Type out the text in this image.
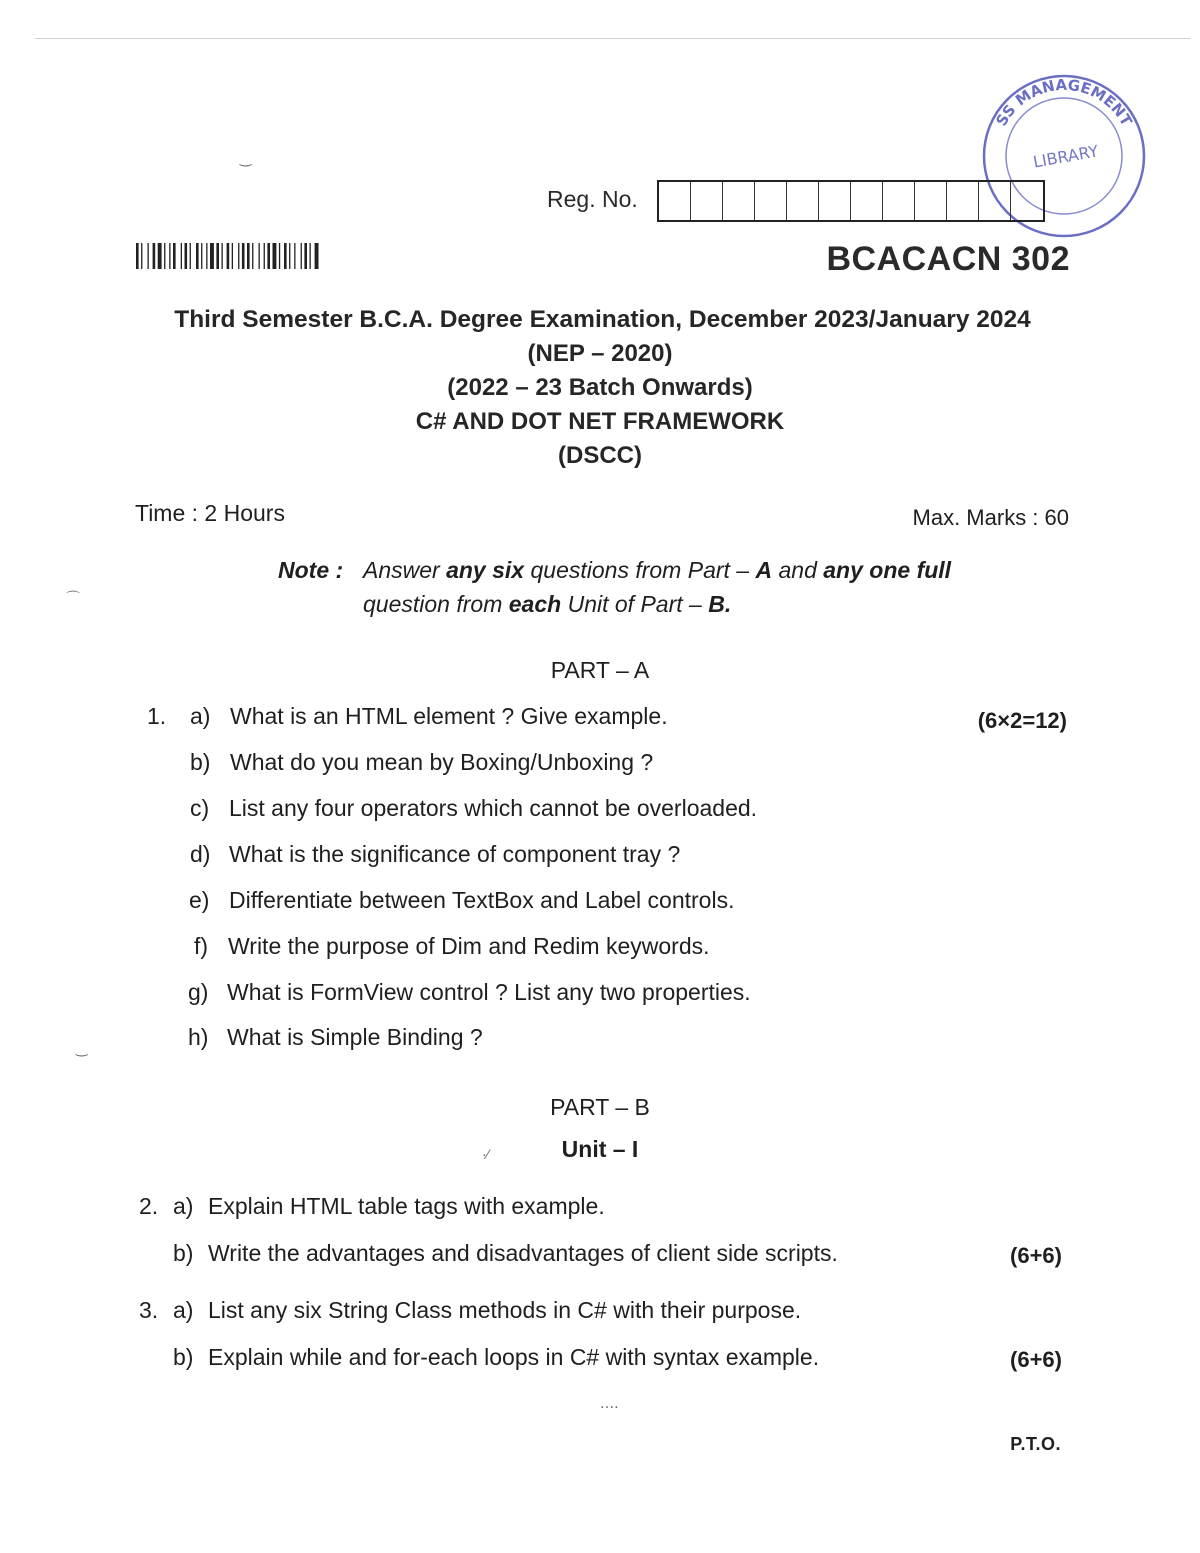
SS MANAGEMENT
LIBRARY
Reg. No.
BCACACN 302
Third Semester B.C.A. Degree Examination, December 2023/January 2024
(NEP – 2020)
(2022 – 23 Batch Onwards)
C# AND DOT NET FRAMEWORK
(DSCC)
Time : 2 Hours	Max. Marks : 60
Note : Answer any six questions from Part – A and any one full
question from each Unit of Part – B.
PART – A
1.	(6×2=12)
a) What is an HTML element ? Give example.
b) What do you mean by Boxing/Unboxing ?
c) List any four operators which cannot be overloaded.
d) What is the significance of component tray ?
e) Differentiate between TextBox and Label controls.
f) Write the purpose of Dim and Redim keywords.
g) What is FormView control ? List any two properties.
h) What is Simple Binding ?
PART – B
Unit – I
2. a) Explain HTML table tags with example.
b) Write the advantages and disadvantages of client side scripts.	(6+6)
3. a) List any six String Class methods in C# with their purpose.
b) Explain while and for-each loops in C# with syntax example.	(6+6)
P.T.O.
‿
⌒
‿
·⁄
‥‥
